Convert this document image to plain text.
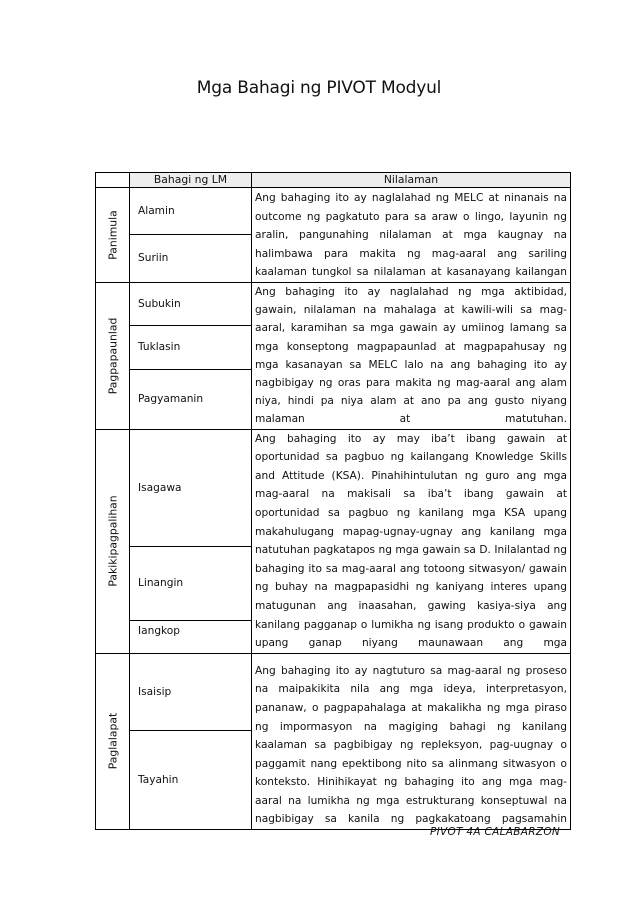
Mga Bahagi ng PIVOT Modyul
	Bahagi ng LM	Nilalaman

Panimula	Alamin	Ang bahaging ito ay naglalahad ng MELC at ninanais na outcome ng pagkatuto para sa araw o lingo, layunin ng aralin, pangunahing nilalaman at mga kaugnay na halimbawa para makita ng mag-aaral ang sariling kaalaman tungkol sa nilalaman at kasanayang kailangan
	Suriin	

Pagpapaunlad	Subukin	Ang bahaging ito ay naglalahad ng mga aktibidad, gawain, nilalaman na mahalaga at kawili-wili sa mag-aaral, karamihan sa mga gawain ay umiinog lamang sa mga konseptong magpapaunlad at magpapahusay ng mga kasanayan sa MELC lalo na ang bahaging ito ay nagbibigay ng oras para makita ng mag-aaral ang alam niya, hindi pa niya alam at ano pa ang gusto niyang malaman at matutuhan.
	Tuklasin	
	Pagyamanin	

Pakikipagpalihan	Isagawa	Ang bahaging ito ay may iba’t ibang gawain at oportunidad sa pagbuo ng kailangang Knowledge Skills and Attitude (KSA). Pinahihintulutan ng guro ang mga mag-aaral na makisali sa iba’t ibang gawain at oportunidad sa pagbuo ng kanilang mga KSA upang makahulugang mapag-ugnay-ugnay ang kanilang mga natutuhan pagkatapos ng mga gawain sa D. Inilalantad ng bahaging ito sa mag-aaral ang totoong sitwasyon/ gawain ng buhay na magpapasidhi ng kaniyang interes upang matugunan ang inaasahan, gawing kasiya-siya ang kanilang pagganap o lumikha ng isang produkto o gawain upang ganap niyang maunawaan ang mga
	Linangin	
	Iangkop	

Paglalapat	Isaisip	Ang bahaging ito ay nagtuturo sa mag-aaral ng proseso na maipakikita nila ang mga ideya, interpretasyon, pananaw, o pagpapahalaga at makalikha ng mga piraso ng impormasyon na magiging bahagi ng kanilang kaalaman sa pagbibigay ng repleksyon, pag-uugnay o paggamit nang epektibong nito sa alinmang sitwasyon o konteksto. Hinihikayat ng bahaging ito ang mga mag-aaral na lumikha ng mga estrukturang konseptuwal na nagbibigay sa kanila ng pagkakatoang pagsamahin
	Tayahin	
PIVOT 4A CALABARZON
